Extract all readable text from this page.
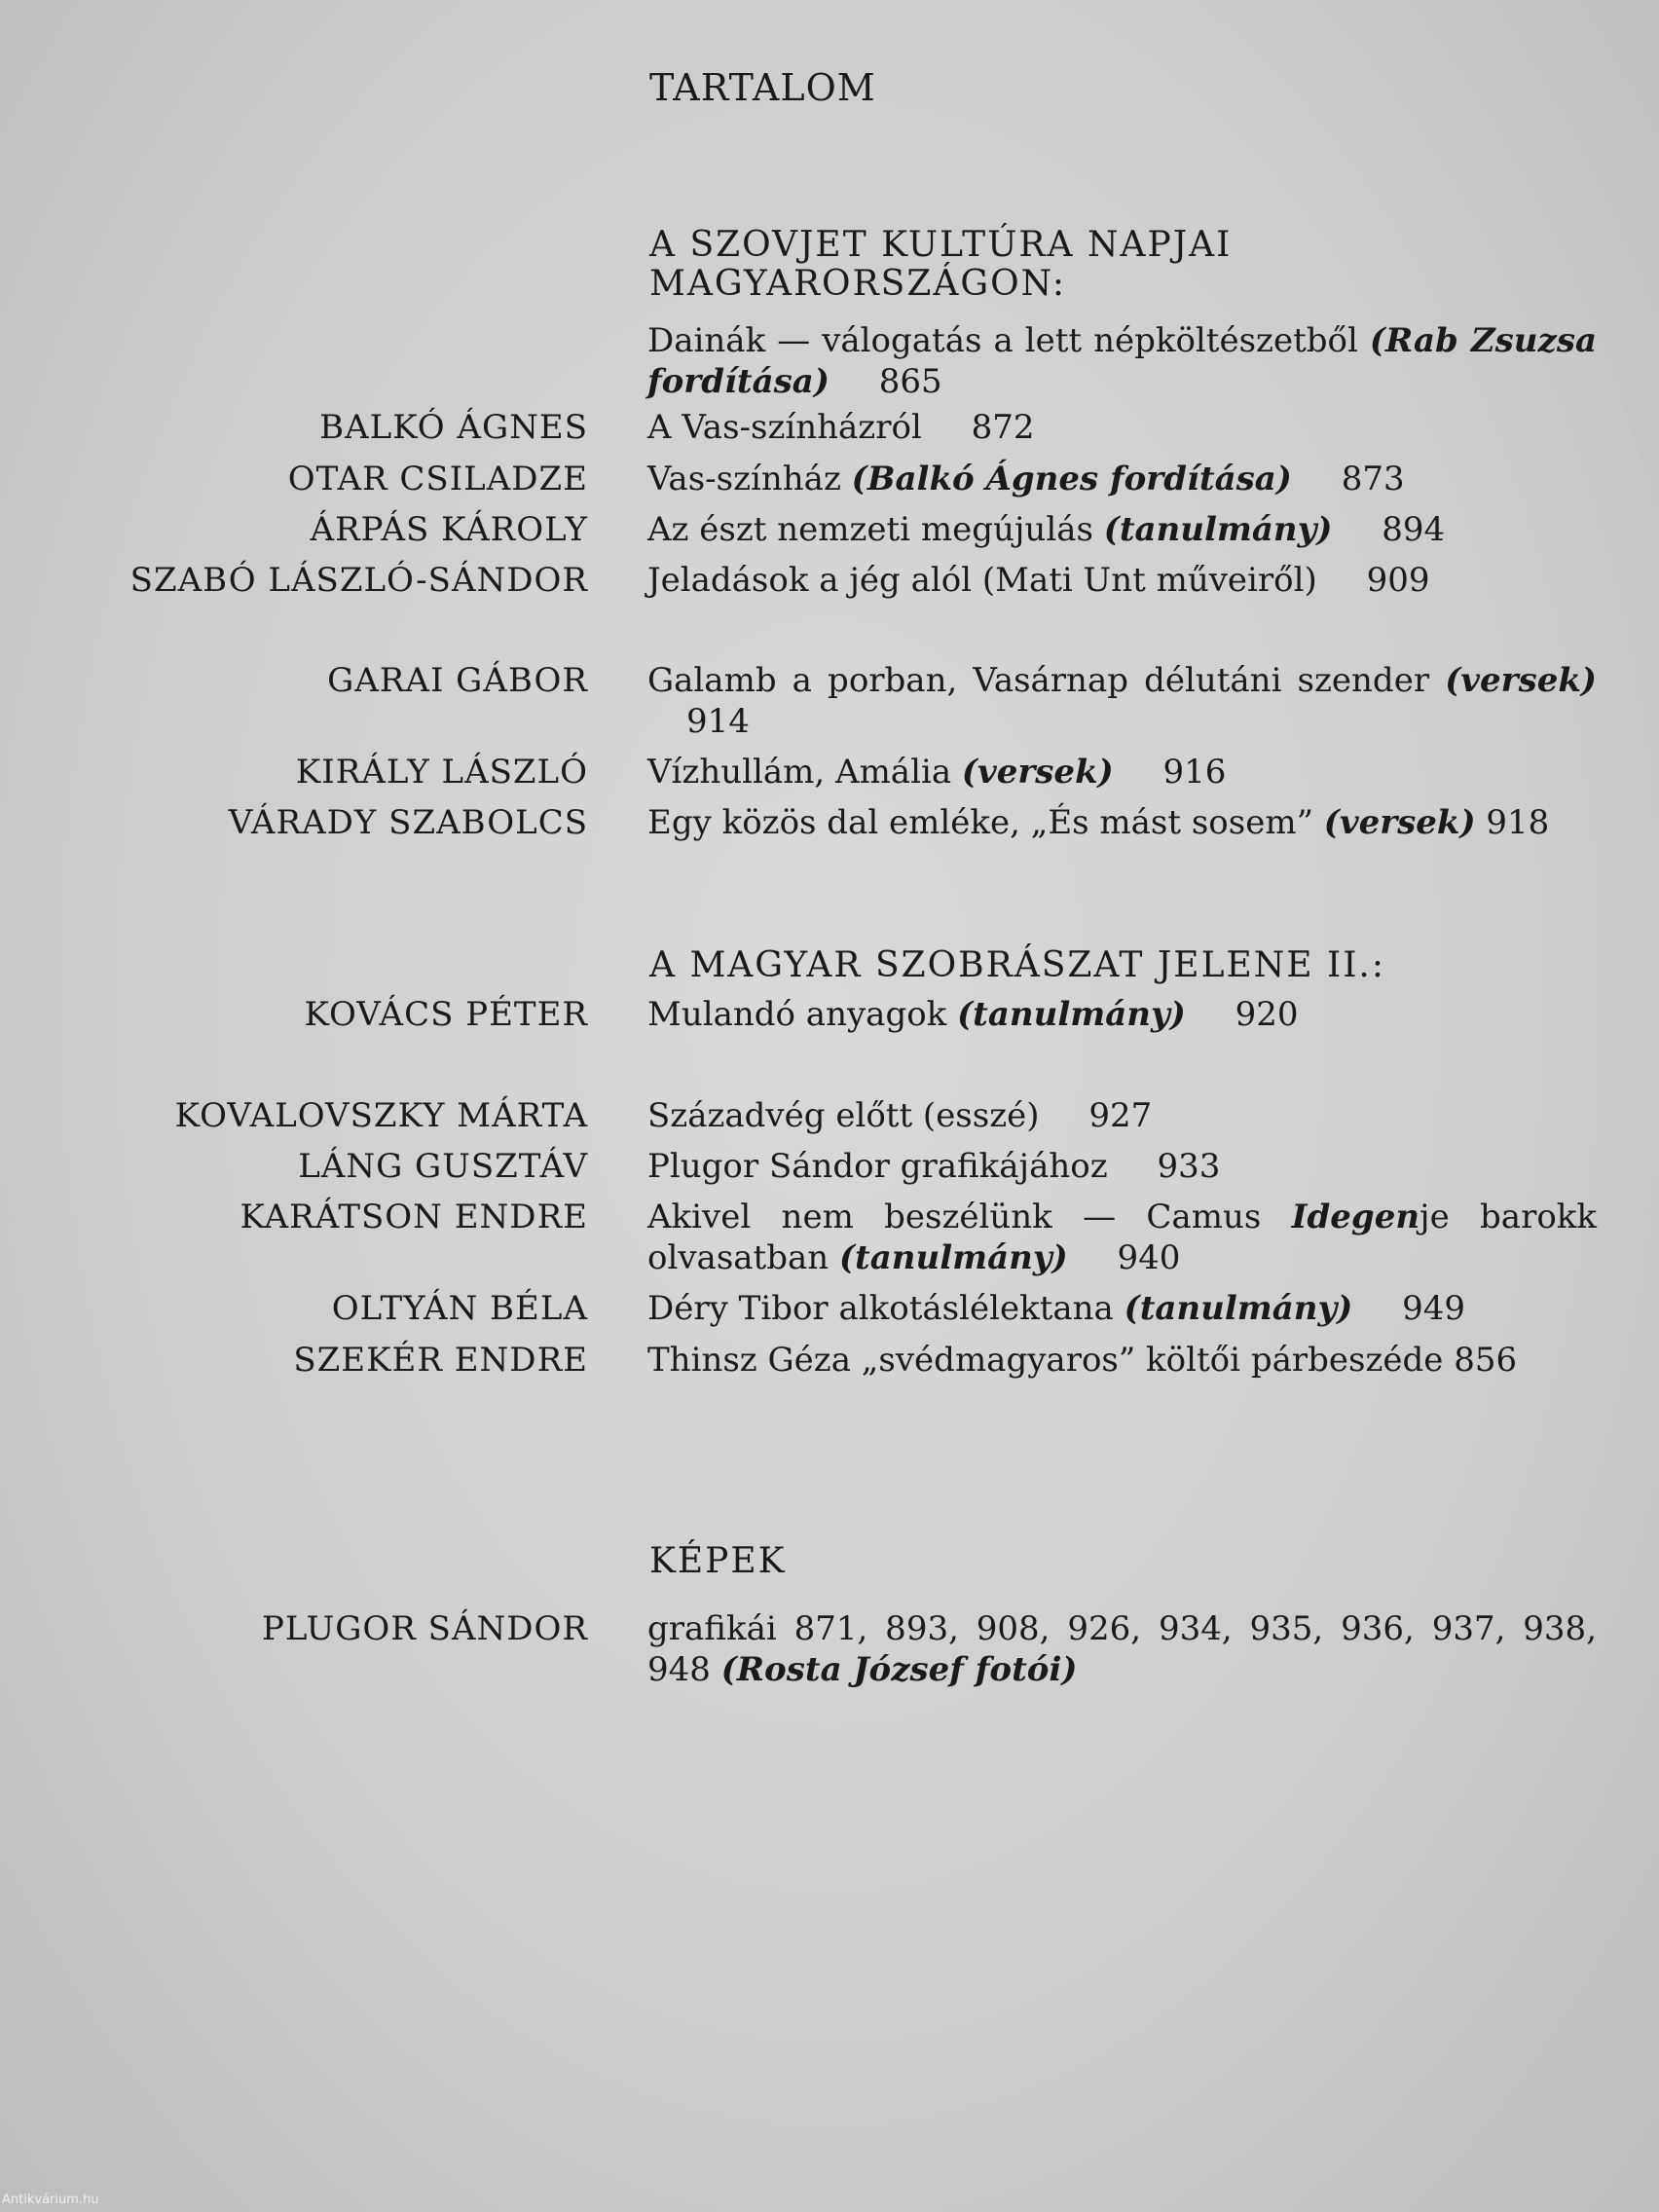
TARTALOM
A SZOVJET KULTÚRA NAPJAI MAGYARORSZÁGON:
Dainák — válogatás a lett népköltészetből (Rab Zsuzsa fordítása) 865
BALKÓ ÁGNES A Vas-színházról 872
OTAR CSILADZE Vas-színház (Balkó Ágnes fordítása) 873
ÁRPÁS KÁROLY Az észt nemzeti megújulás (tanulmány) 894
SZABÓ LÁSZLÓ-SÁNDOR Jeladások a jég alól (Mati Unt műveiről) 909
GARAI GÁBOR Galamb a porban, Vasárnap délutáni szender (versek) 914
KIRÁLY LÁSZLÓ Vízhullám, Amália (versek) 916
VÁRADY SZABOLCS Egy közös dal emléke, „És mást sosem” (versek) 918
A MAGYAR SZOBRÁSZAT JELENE II.:
KOVÁCS PÉTER Mulandó anyagok (tanulmány) 920
KOVALOVSZKY MÁRTA Századvég előtt (esszé) 927
LÁNG GUSZTÁV Plugor Sándor grafikájához 933
KARÁTSON ENDRE Akivel nem beszélünk — Camus Idegenje barokk olvasatban (tanulmány) 940
OLTYÁN BÉLA Déry Tibor alkotáslélektana (tanulmány) 949
SZEKÉR ENDRE Thinsz Géza „svédmagyaros” költői párbeszéde 856
KÉPEK
PLUGOR SÁNDOR grafikái 871, 893, 908, 926, 934, 935, 936, 937, 938, 948 (Rosta József fotói)
Antikvárium.hu
